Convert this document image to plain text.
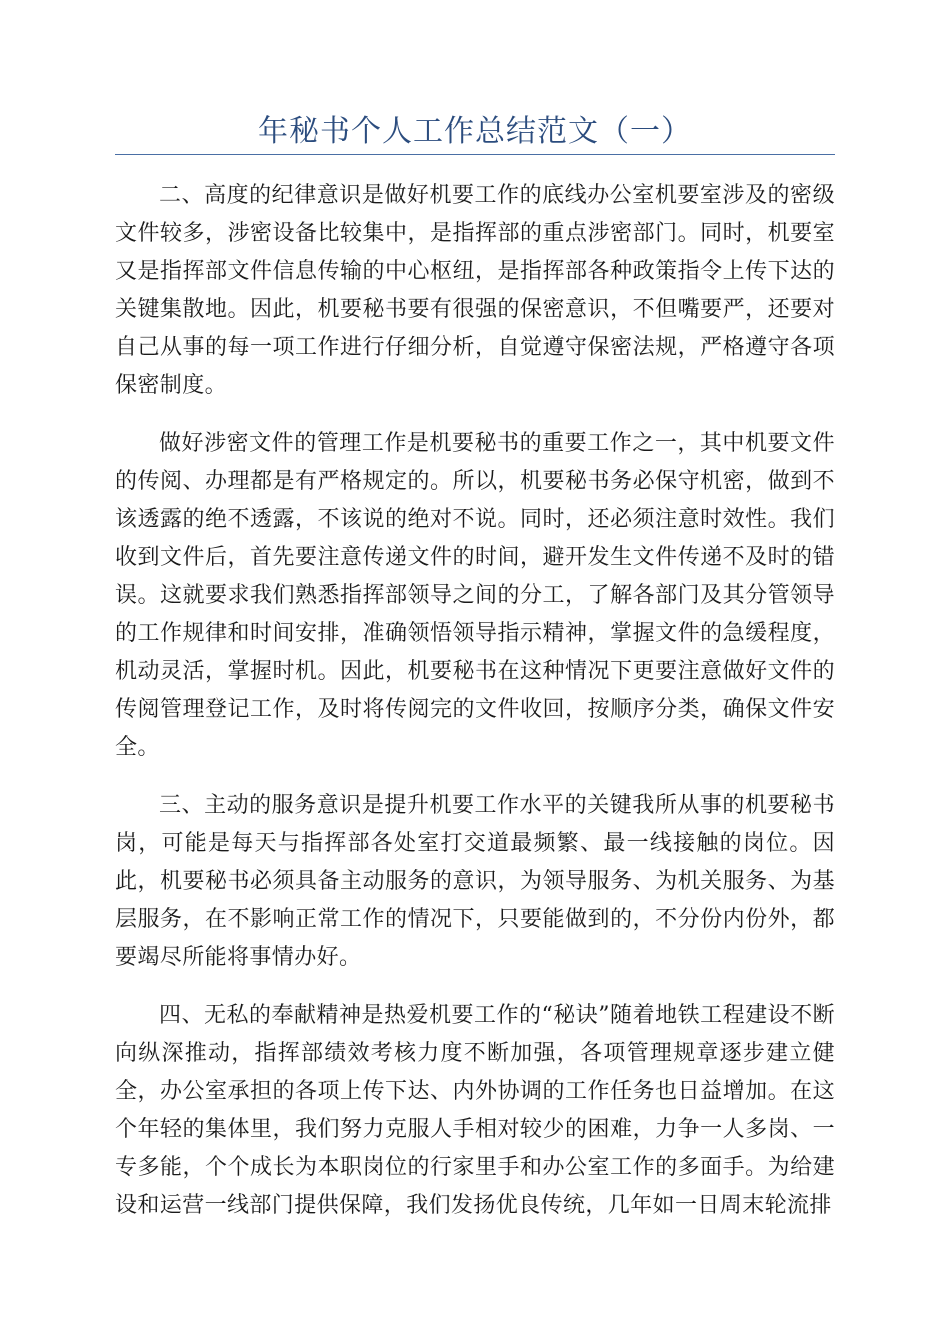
年秘书个人工作总结范文（一）

二、高度的纪律意识是做好机要工作的底线办公室机要室涉及的密级文件较多，涉密设备比较集中，是指挥部的重点涉密部门。同时，机要室又是指挥部文件信息传输的中心枢纽，是指挥部各种政策指令上传下达的关键集散地。因此，机要秘书要有很强的保密意识，不但嘴要严，还要对自己从事的每一项工作进行仔细分析，自觉遵守保密法规，严格遵守各项保密制度。

做好涉密文件的管理工作是机要秘书的重要工作之一，其中机要文件的传阅、办理都是有严格规定的。所以，机要秘书务必保守机密，做到不该透露的绝不透露，不该说的绝对不说。同时，还必须注意时效性。我们收到文件后，首先要注意传递文件的时间，避开发生文件传递不及时的错误。这就要求我们熟悉指挥部领导之间的分工，了解各部门及其分管领导的工作规律和时间安排，准确领悟领导指示精神，掌握文件的急缓程度，机动灵活，掌握时机。因此，机要秘书在这种情况下更要注意做好文件的传阅管理登记工作，及时将传阅完的文件收回，按顺序分类，确保文件安全。

三、主动的服务意识是提升机要工作水平的关键我所从事的机要秘书岗，可能是每天与指挥部各处室打交道最频繁、最一线接触的岗位。因此，机要秘书必须具备主动服务的意识，为领导服务、为机关服务、为基层服务，在不影响正常工作的情况下，只要能做到的，不分份内份外，都要竭尽所能将事情办好。

四、无私的奉献精神是热爱机要工作的“秘诀”随着地铁工程建设不断向纵深推动，指挥部绩效考核力度不断加强，各项管理规章逐步建立健全，办公室承担的各项上传下达、内外协调的工作任务也日益增加。在这个年轻的集体里，我们努力克服人手相对较少的困难，力争一人多岗、一专多能，个个成长为本职岗位的行家里手和办公室工作的多面手。为给建设和运营一线部门提供保障，我们发扬优良传统，几年如一日周末轮流排
